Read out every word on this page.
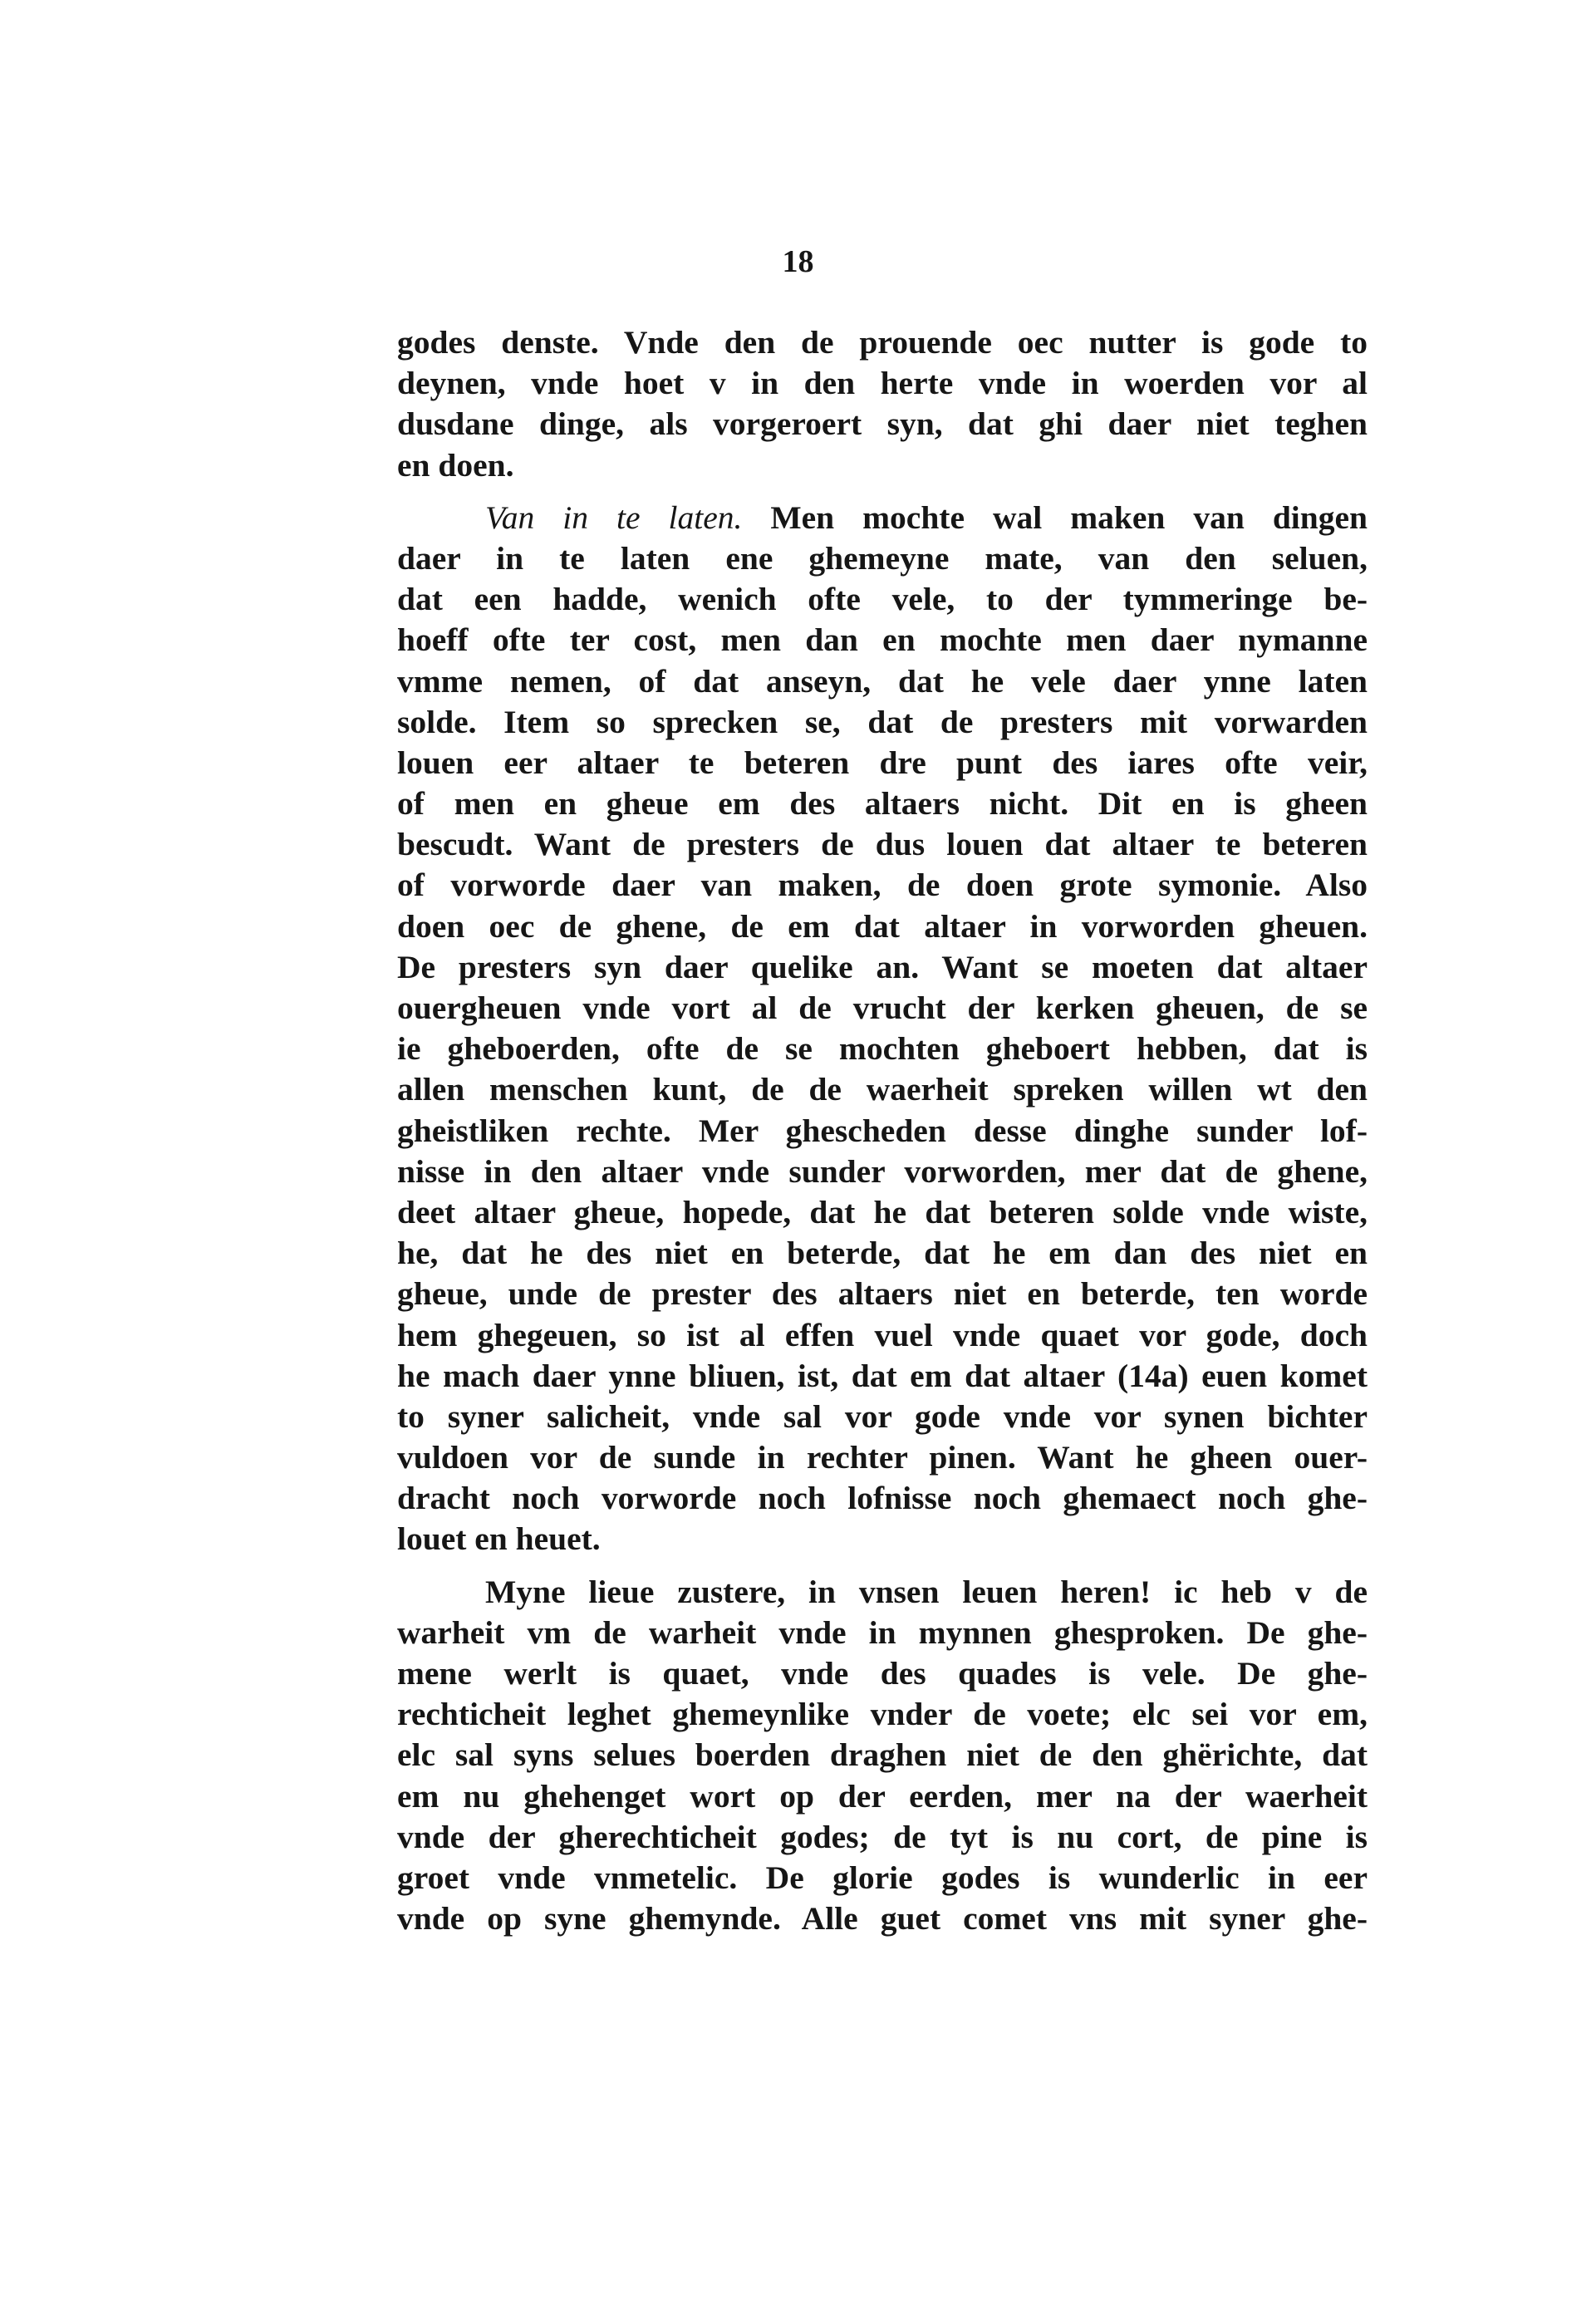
18
godes denste. Vnde den de prouende oec nutter is gode to
deynen, vnde hoet v in den herte vnde in woerden vor al
dusdane dinge, als vorgeroert syn, dat ghi daer niet teghen
en doen.
Van in te laten. Men mochte wal maken van dingen
daer in te laten ene ghemeyne mate, van den seluen,
dat een hadde, wenich ofte vele, to der tymmeringe be-
hoeff ofte ter cost, men dan en mochte men daer nymanne
vmme nemen, of dat anseyn, dat he vele daer ynne laten
solde. Item so sprecken se, dat de presters mit vorwarden
louen eer altaer te beteren dre punt des iares ofte veir,
of men en gheue em des altaers nicht. Dit en is gheen
bescudt. Want de presters de dus louen dat altaer te beteren
of vorworde daer van maken, de doen grote symonie. Also
doen oec de ghene, de em dat altaer in vorworden gheuen.
De presters syn daer quelike an. Want se moeten dat altaer
ouergheuen vnde vort al de vrucht der kerken gheuen, de se
ie gheboerden, ofte de se mochten gheboert hebben, dat is
allen menschen kunt, de de waerheit spreken willen wt den
gheistliken rechte. Mer ghescheden desse dinghe sunder lof-
nisse in den altaer vnde sunder vorworden, mer dat de ghene,
deet altaer gheue, hopede, dat he dat beteren solde vnde wiste,
he, dat he des niet en beterde, dat he em dan des niet en
gheue, unde de prester des altaers niet en beterde, ten worde
hem ghegeuen, so ist al effen vuel vnde quaet vor gode, doch
he mach daer ynne bliuen, ist, dat em dat altaer (14a) euen komet
to syner salicheit, vnde sal vor gode vnde vor synen bichter
vuldoen vor de sunde in rechter pinen. Want he gheen ouer-
dracht noch vorworde noch lofnisse noch ghemaect noch ghe-
louet en heuet.
Myne lieue zustere, in vnsen leuen heren! ic heb v de
warheit vm de warheit vnde in mynnen ghesproken. De ghe-
mene werlt is quaet, vnde des quades is vele. De ghe-
rechticheit leghet ghemeynlike vnder de voete; elc sei vor em,
elc sal syns selues boerden draghen niet de den ghërichte, dat
em nu ghehenget wort op der eerden, mer na der waerheit
vnde der gherechticheit godes; de tyt is nu cort, de pine is
groet vnde vnmetelic. De glorie godes is wunderlic in eer
vnde op syne ghemynde. Alle guet comet vns mit syner ghe-
